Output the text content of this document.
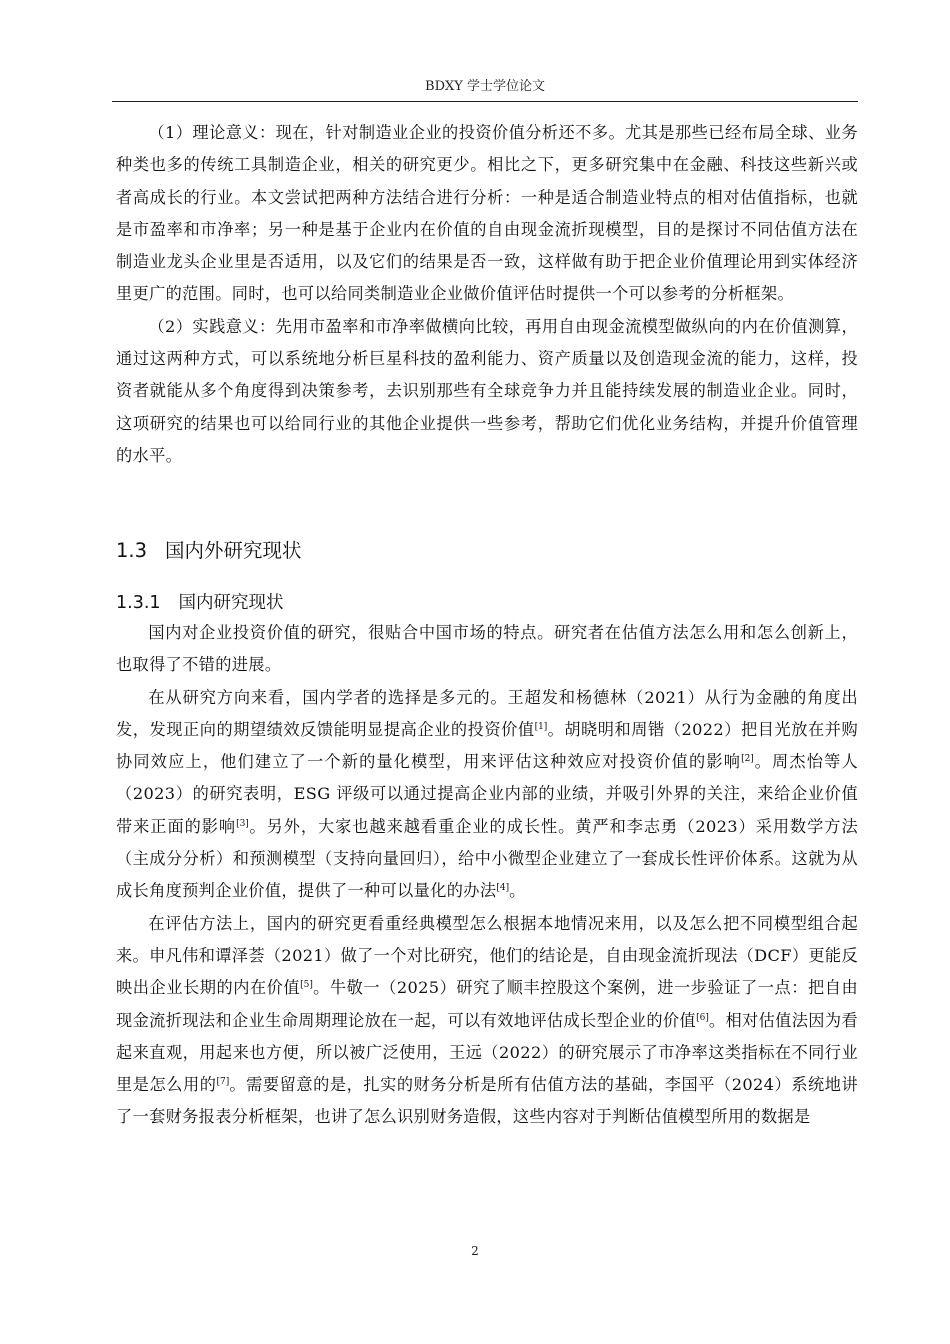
BDXY 学士学位论文

（1）理论意义：现在，针对制造业企业的投资价值分析还不多。尤其是那些已经布局全球、业务种类也多的传统工具制造企业，相关的研究更少。相比之下，更多研究集中在金融、科技这些新兴或者高成长的行业。本文尝试把两种方法结合进行分析：一种是适合制造业特点的相对估值指标，也就是市盈率和市净率；另一种是基于企业内在价值的自由现金流折现模型，目的是探讨不同估值方法在制造业龙头企业里是否适用，以及它们的结果是否一致，这样做有助于把企业价值理论用到实体经济里更广的范围。同时，也可以给同类制造业企业做价值评估时提供一个可以参考的分析框架。

（2）实践意义：先用市盈率和市净率做横向比较，再用自由现金流模型做纵向的内在价值测算，通过这两种方式，可以系统地分析巨星科技的盈利能力、资产质量以及创造现金流的能力，这样，投资者就能从多个角度得到决策参考，去识别那些有全球竞争力并且能持续发展的制造业企业。同时，这项研究的结果也可以给同行业的其他企业提供一些参考，帮助它们优化业务结构，并提升价值管理的水平。

1.3 国内外研究现状
1.3.1 国内研究现状

国内对企业投资价值的研究，很贴合中国市场的特点。研究者在估值方法怎么用和怎么创新上，也取得了不错的进展。

在从研究方向来看，国内学者的选择是多元的。王超发和杨德林（2021）从行为金融的角度出发，发现正向的期望绩效反馈能明显提高企业的投资价值[1]。胡晓明和周锴（2022）把目光放在并购协同效应上，他们建立了一个新的量化模型，用来评估这种效应对投资价值的影响[2]。周杰怡等人（2023）的研究表明，ESG 评级可以通过提高企业内部的业绩，并吸引外界的关注，来给企业价值带来正面的影响[3]。另外，大家也越来越看重企业的成长性。黄严和李志勇（2023）采用数学方法（主成分分析）和预测模型（支持向量回归），给中小微型企业建立了一套成长性评价体系。这就为从成长角度预判企业价值，提供了一种可以量化的办法[4]。

在评估方法上，国内的研究更看重经典模型怎么根据本地情况来用，以及怎么把不同模型组合起来。申凡伟和谭泽荟（2021）做了一个对比研究，他们的结论是，自由现金流折现法（DCF）更能反映出企业长期的内在价值[5]。牛敬一（2025）研究了顺丰控股这个案例，进一步验证了一点：把自由现金流折现法和企业生命周期理论放在一起，可以有效地评估成长型企业的价值[6]。相对估值法因为看起来直观，用起来也方便，所以被广泛使用，王远（2022）的研究展示了市净率这类指标在不同行业里是怎么用的[7]。需要留意的是，扎实的财务分析是所有估值方法的基础，李国平（2024）系统地讲了一套财务报表分析框架，也讲了怎么识别财务造假，这些内容对于判断估值模型所用的数据是

2
